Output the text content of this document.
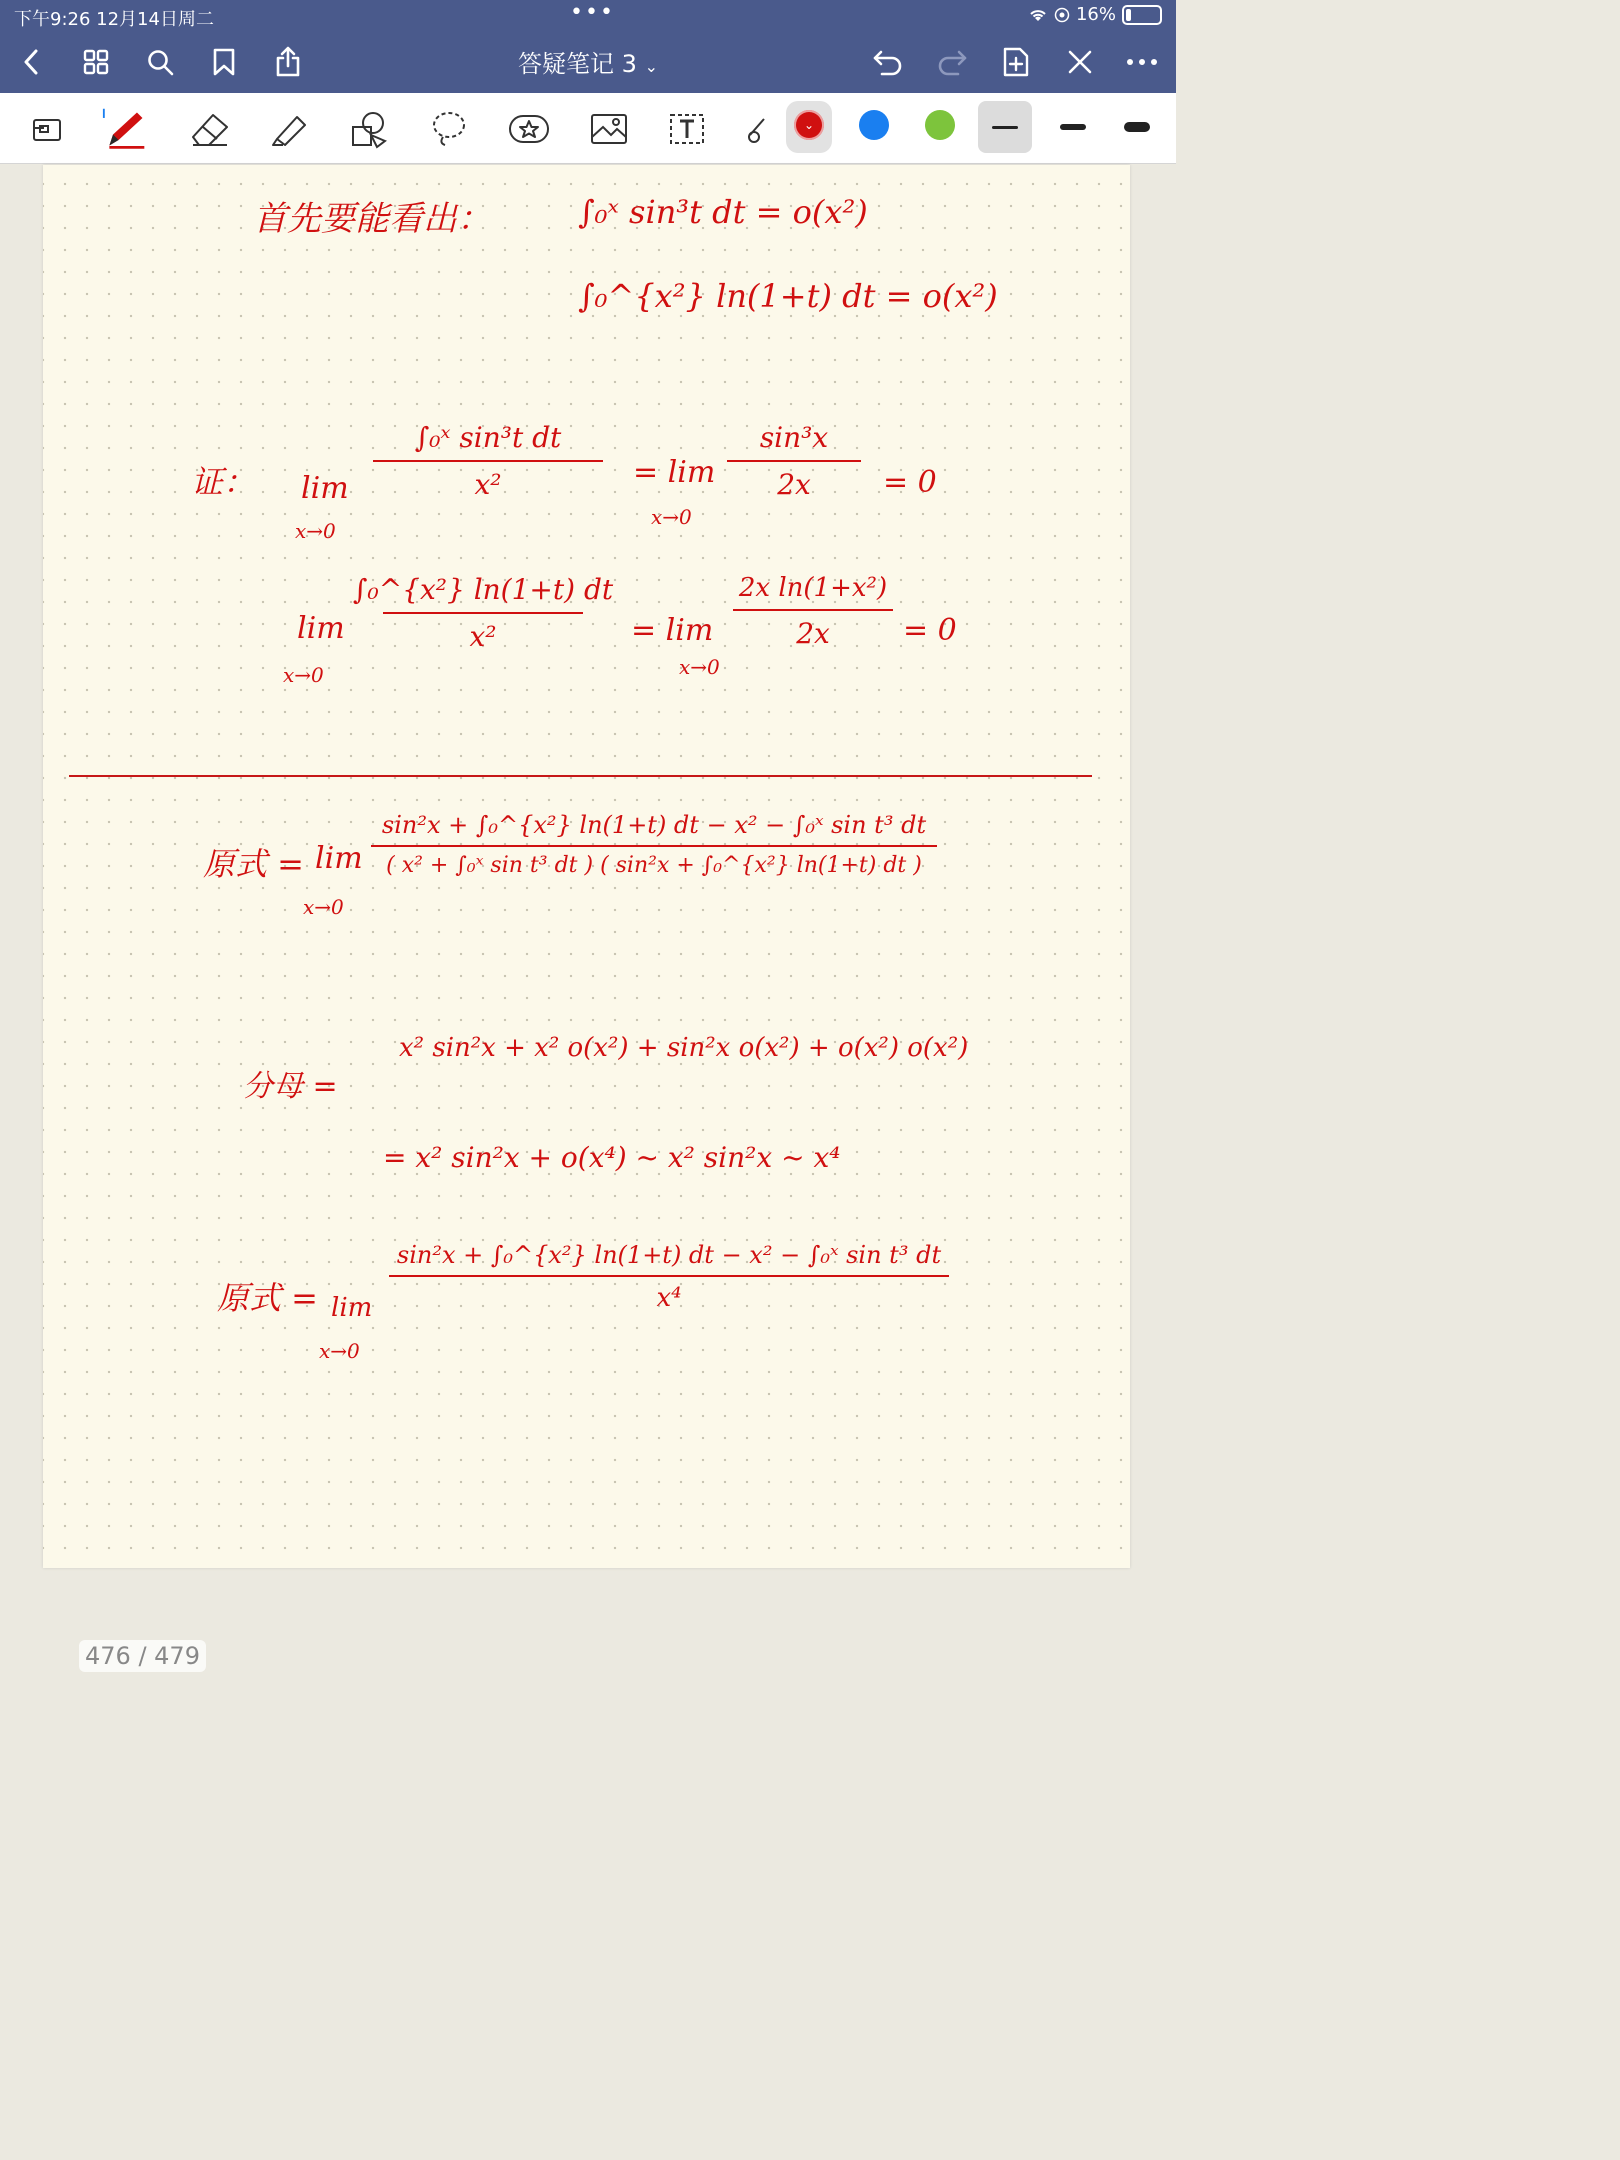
下午9:26 12月14日周二	•••	16%
答疑笔记 3 ⌄
⌄
首先要能看出：	∫₀ˣ sin³t dt = o(x²)
∫₀^{x²} ln(1+t) dt = o(x²)
证： lim
x→0
∫₀ˣ sin³t dt
x²	= lim
x→0
sin³x
2x = 0
lim
x→0
∫₀^{x²} ln(1+t) dt
x²	= lim
x→0
2x ln(1+x²)
2x = 0
原式 = lim
x→0
sin²x + ∫₀^{x²} ln(1+t) dt − x² − ∫₀ˣ sin t³ dt
( x² + ∫₀ˣ sin t³ dt ) ( sin²x + ∫₀^{x²} ln(1+t) dt )
分母 =
x² sin²x + x² o(x²) + sin²x o(x²) + o(x²) o(x²)
= x² sin²x + o(x⁴) ~ x² sin²x ~ x⁴
原式 = lim
x→0
sin²x + ∫₀^{x²} ln(1+t) dt − x² − ∫₀ˣ sin t³ dt
x⁴
476 / 479
